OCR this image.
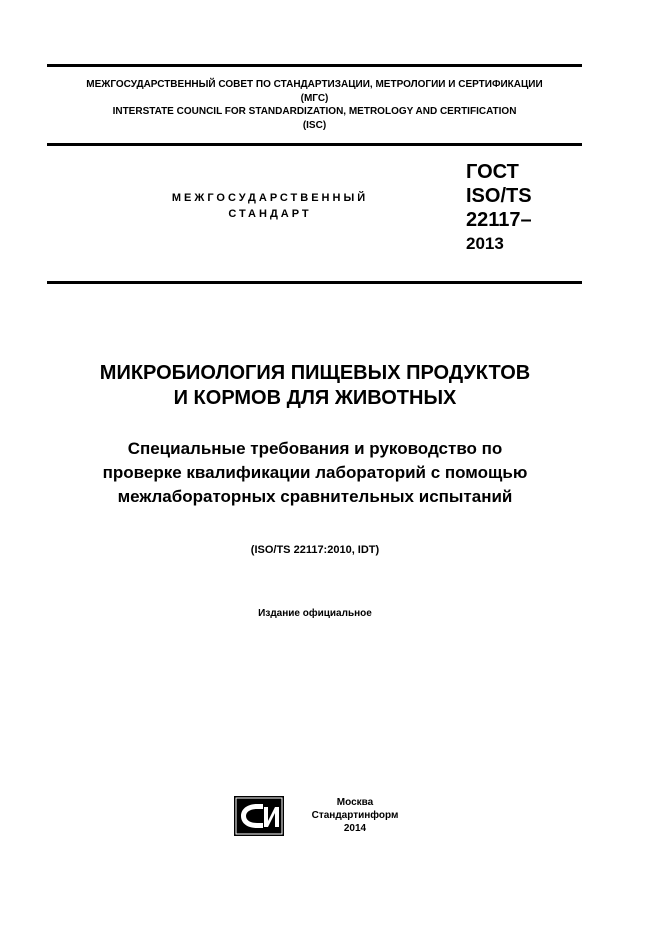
МЕЖГОСУДАРСТВЕННЫЙ СОВЕТ ПО СТАНДАРТИЗАЦИИ, МЕТРОЛОГИИ И СЕРТИФИКАЦИИ
(МГС)
INTERSTATE COUNCIL FOR STANDARDIZATION, METROLOGY AND CERTIFICATION
(ISC)
МЕЖГОСУДАРСТВЕННЫЙ
СТАНДАРТ
ГОСТ
ISO/TS
22117–
2013
МИКРОБИОЛОГИЯ ПИЩЕВЫХ ПРОДУКТОВ
И КОРМОВ ДЛЯ ЖИВОТНЫХ
Специальные требования и руководство по
проверке квалификации лабораторий с помощью
межлабораторных сравнительных испытаний
(ISO/TS 22117:2010, IDT)
Издание официальное
Москва
Стандартинформ
2014
